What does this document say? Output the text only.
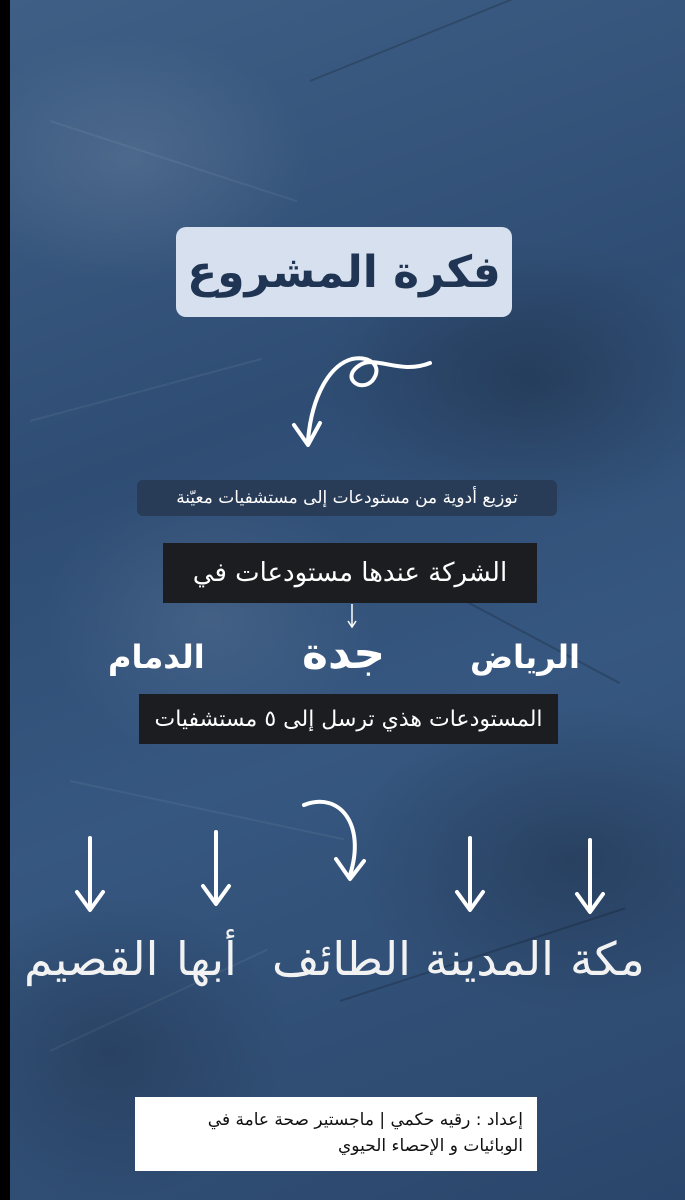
فكرة المشروع
توزيع أدوية من مستودعات إلى مستشفيات معيّنة
الشركة عندها مستودعات في
الرياض
جدة
الدمام
المستودعات هذي ترسل إلى ٥ مستشفيات
مكة
المدينة
الطائف
أبها
القصيم
إعداد : رقيه حكمي | ماجستير صحة عامة في
الوبائيات و الإحصاء الحيوي
